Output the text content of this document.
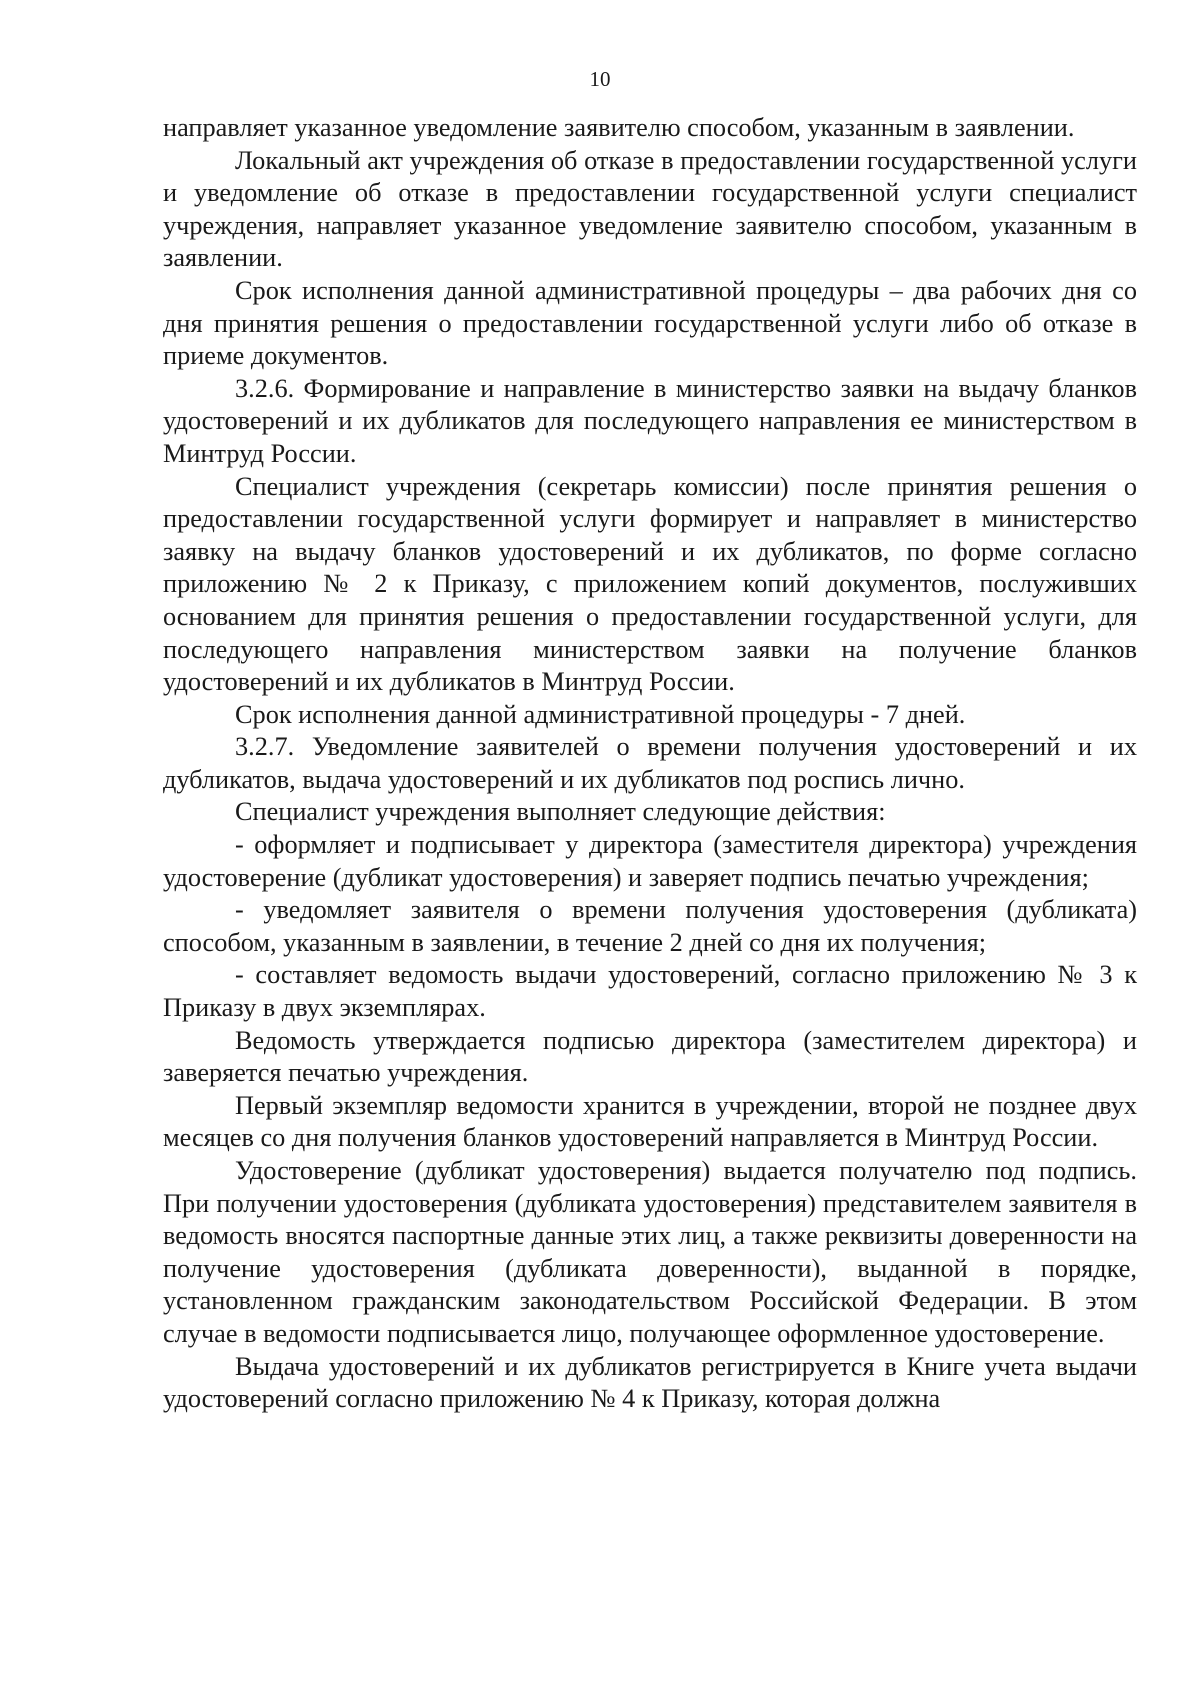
10

направляет указанное уведомление заявителю способом, указанным в заявлении.

Локальный акт учреждения об отказе в предоставлении государственной услуги и уведомление об отказе в предоставлении государственной услуги специалист учреждения, направляет указанное уведомление заявителю способом, указанным в заявлении.

Срок исполнения данной административной процедуры – два рабочих дня со дня принятия решения о предоставлении государственной услуги либо об отказе в приеме документов.

3.2.6. Формирование и направление в министерство заявки на выдачу бланков удостоверений и их дубликатов для последующего направления ее министерством в Минтруд России.

Специалист учреждения (секретарь комиссии) после принятия решения о предоставлении государственной услуги формирует и направляет в министерство заявку на выдачу бланков удостоверений и их дубликатов, по форме согласно приложению № 2 к Приказу, с приложением копий документов, послуживших основанием для принятия решения о предоставлении государственной услуги, для последующего направления министерством заявки на получение бланков удостоверений и их дубликатов в Минтруд России.

Срок исполнения данной административной процедуры - 7 дней.

3.2.7. Уведомление заявителей о времени получения удостоверений и их дубликатов, выдача удостоверений и их дубликатов под роспись лично.

Специалист учреждения выполняет следующие действия:

- оформляет и подписывает у директора (заместителя директора) учреждения удостоверение (дубликат удостоверения) и заверяет подпись печатью учреждения;

- уведомляет заявителя о времени получения удостоверения (дубликата) способом, указанным в заявлении, в течение 2 дней со дня их получения;

- составляет ведомость выдачи удостоверений, согласно приложению № 3 к Приказу в двух экземплярах.

Ведомость утверждается подписью директора (заместителем директора) и заверяется печатью учреждения.

Первый экземпляр ведомости хранится в учреждении, второй не позднее двух месяцев со дня получения бланков удостоверений направляется в Минтруд России.

Удостоверение (дубликат удостоверения) выдается получателю под подпись. При получении удостоверения (дубликата удостоверения) представителем заявителя в ведомость вносятся паспортные данные этих лиц, а также реквизиты доверенности на получение удостоверения (дубликата доверенности), выданной в порядке, установленном гражданским законодательством Российской Федерации. В этом случае в ведомости подписывается лицо, получающее оформленное удостоверение.

Выдача удостоверений и их дубликатов регистрируется в Книге учета выдачи удостоверений согласно приложению № 4 к Приказу, которая должна
